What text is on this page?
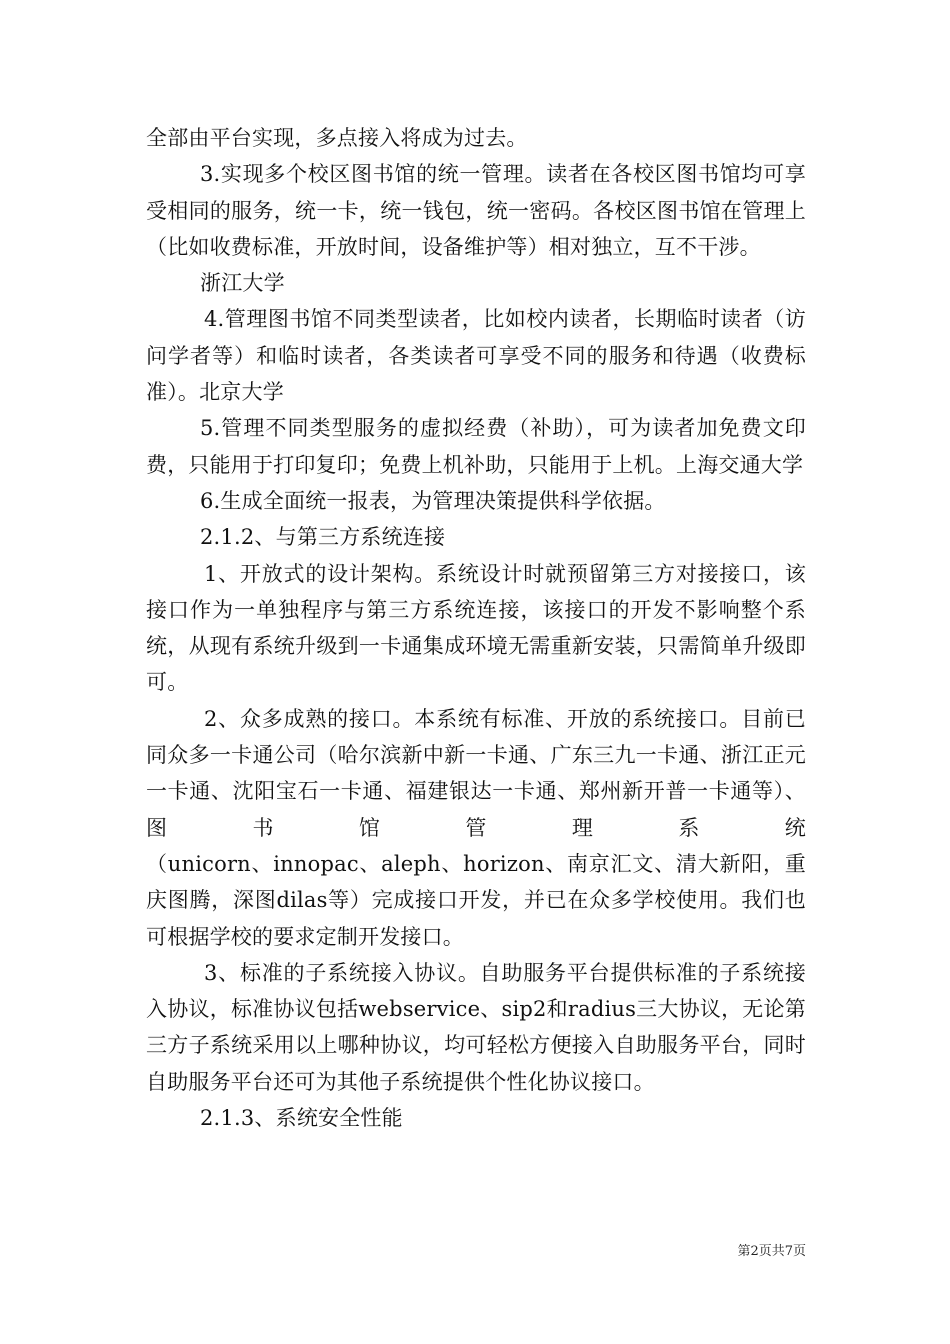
全部由平台实现，多点接入将成为过去。

3.实现多个校区图书馆的统一管理。读者在各校区图书馆均可享受相同的服务，统一卡，统一钱包，统一密码。各校区图书馆在管理上（比如收费标准，开放时间，设备维护等）相对独立，互不干涉。

浙江大学

4.管理图书馆不同类型读者，比如校内读者，长期临时读者（访问学者等）和临时读者，各类读者可享受不同的服务和待遇（收费标准）。北京大学

5.管理不同类型服务的虚拟经费（补助），可为读者加免费文印费，只能用于打印复印；免费上机补助，只能用于上机。上海交通大学

6.生成全面统一报表，为管理决策提供科学依据。

2.1.2、与第三方系统连接

1、开放式的设计架构。系统设计时就预留第三方对接接口，该接口作为一单独程序与第三方系统连接，该接口的开发不影响整个系统，从现有系统升级到一卡通集成环境无需重新安装，只需简单升级即可。

2、众多成熟的接口。本系统有标准、开放的系统接口。目前已同众多一卡通公司（哈尔滨新中新一卡通、广东三九一卡通、浙江正元一卡通、沈阳宝石一卡通、福建银达一卡通、郑州新开普一卡通等）、图书馆管理系统

（unicorn、innopac、aleph、horizon、南京汇文、清大新阳，重庆图腾，深图dilas等）完成接口开发，并已在众多学校使用。我们也可根据学校的要求定制开发接口。

3、标准的子系统接入协议。自助服务平台提供标准的子系统接入协议，标准协议包括webservice、sip2和radius三大协议，无论第三方子系统采用以上哪种协议，均可轻松方便接入自助服务平台，同时自助服务平台还可为其他子系统提供个性化协议接口。

2.1.3、系统安全性能

第2页共7页
